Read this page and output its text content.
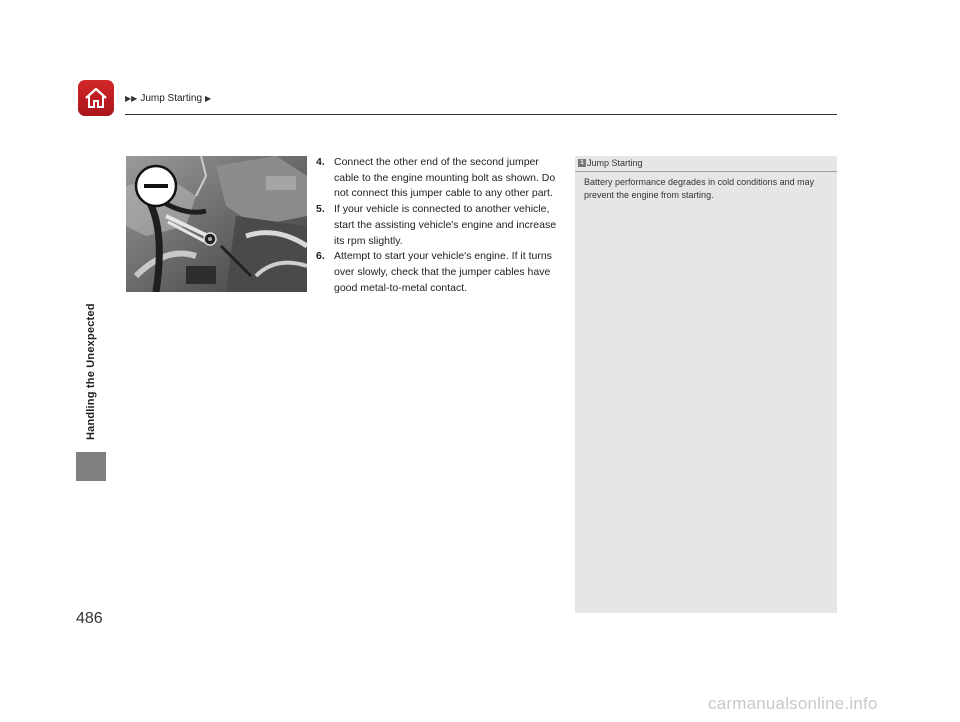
▶▶ Jump Starting ▶
Handling the Unexpected
4. Connect the other end of the second jumper cable to the engine mounting bolt as shown. Do not connect this jumper cable to any other part.
5. If your vehicle is connected to another vehicle, start the assisting vehicle's engine and increase its rpm slightly.
6. Attempt to start your vehicle's engine. If it turns over slowly, check that the jumper cables have good metal-to-metal contact.
1 Jump Starting
Battery performance degrades in cold conditions and may prevent the engine from starting.
486
carmanualsonline.info
